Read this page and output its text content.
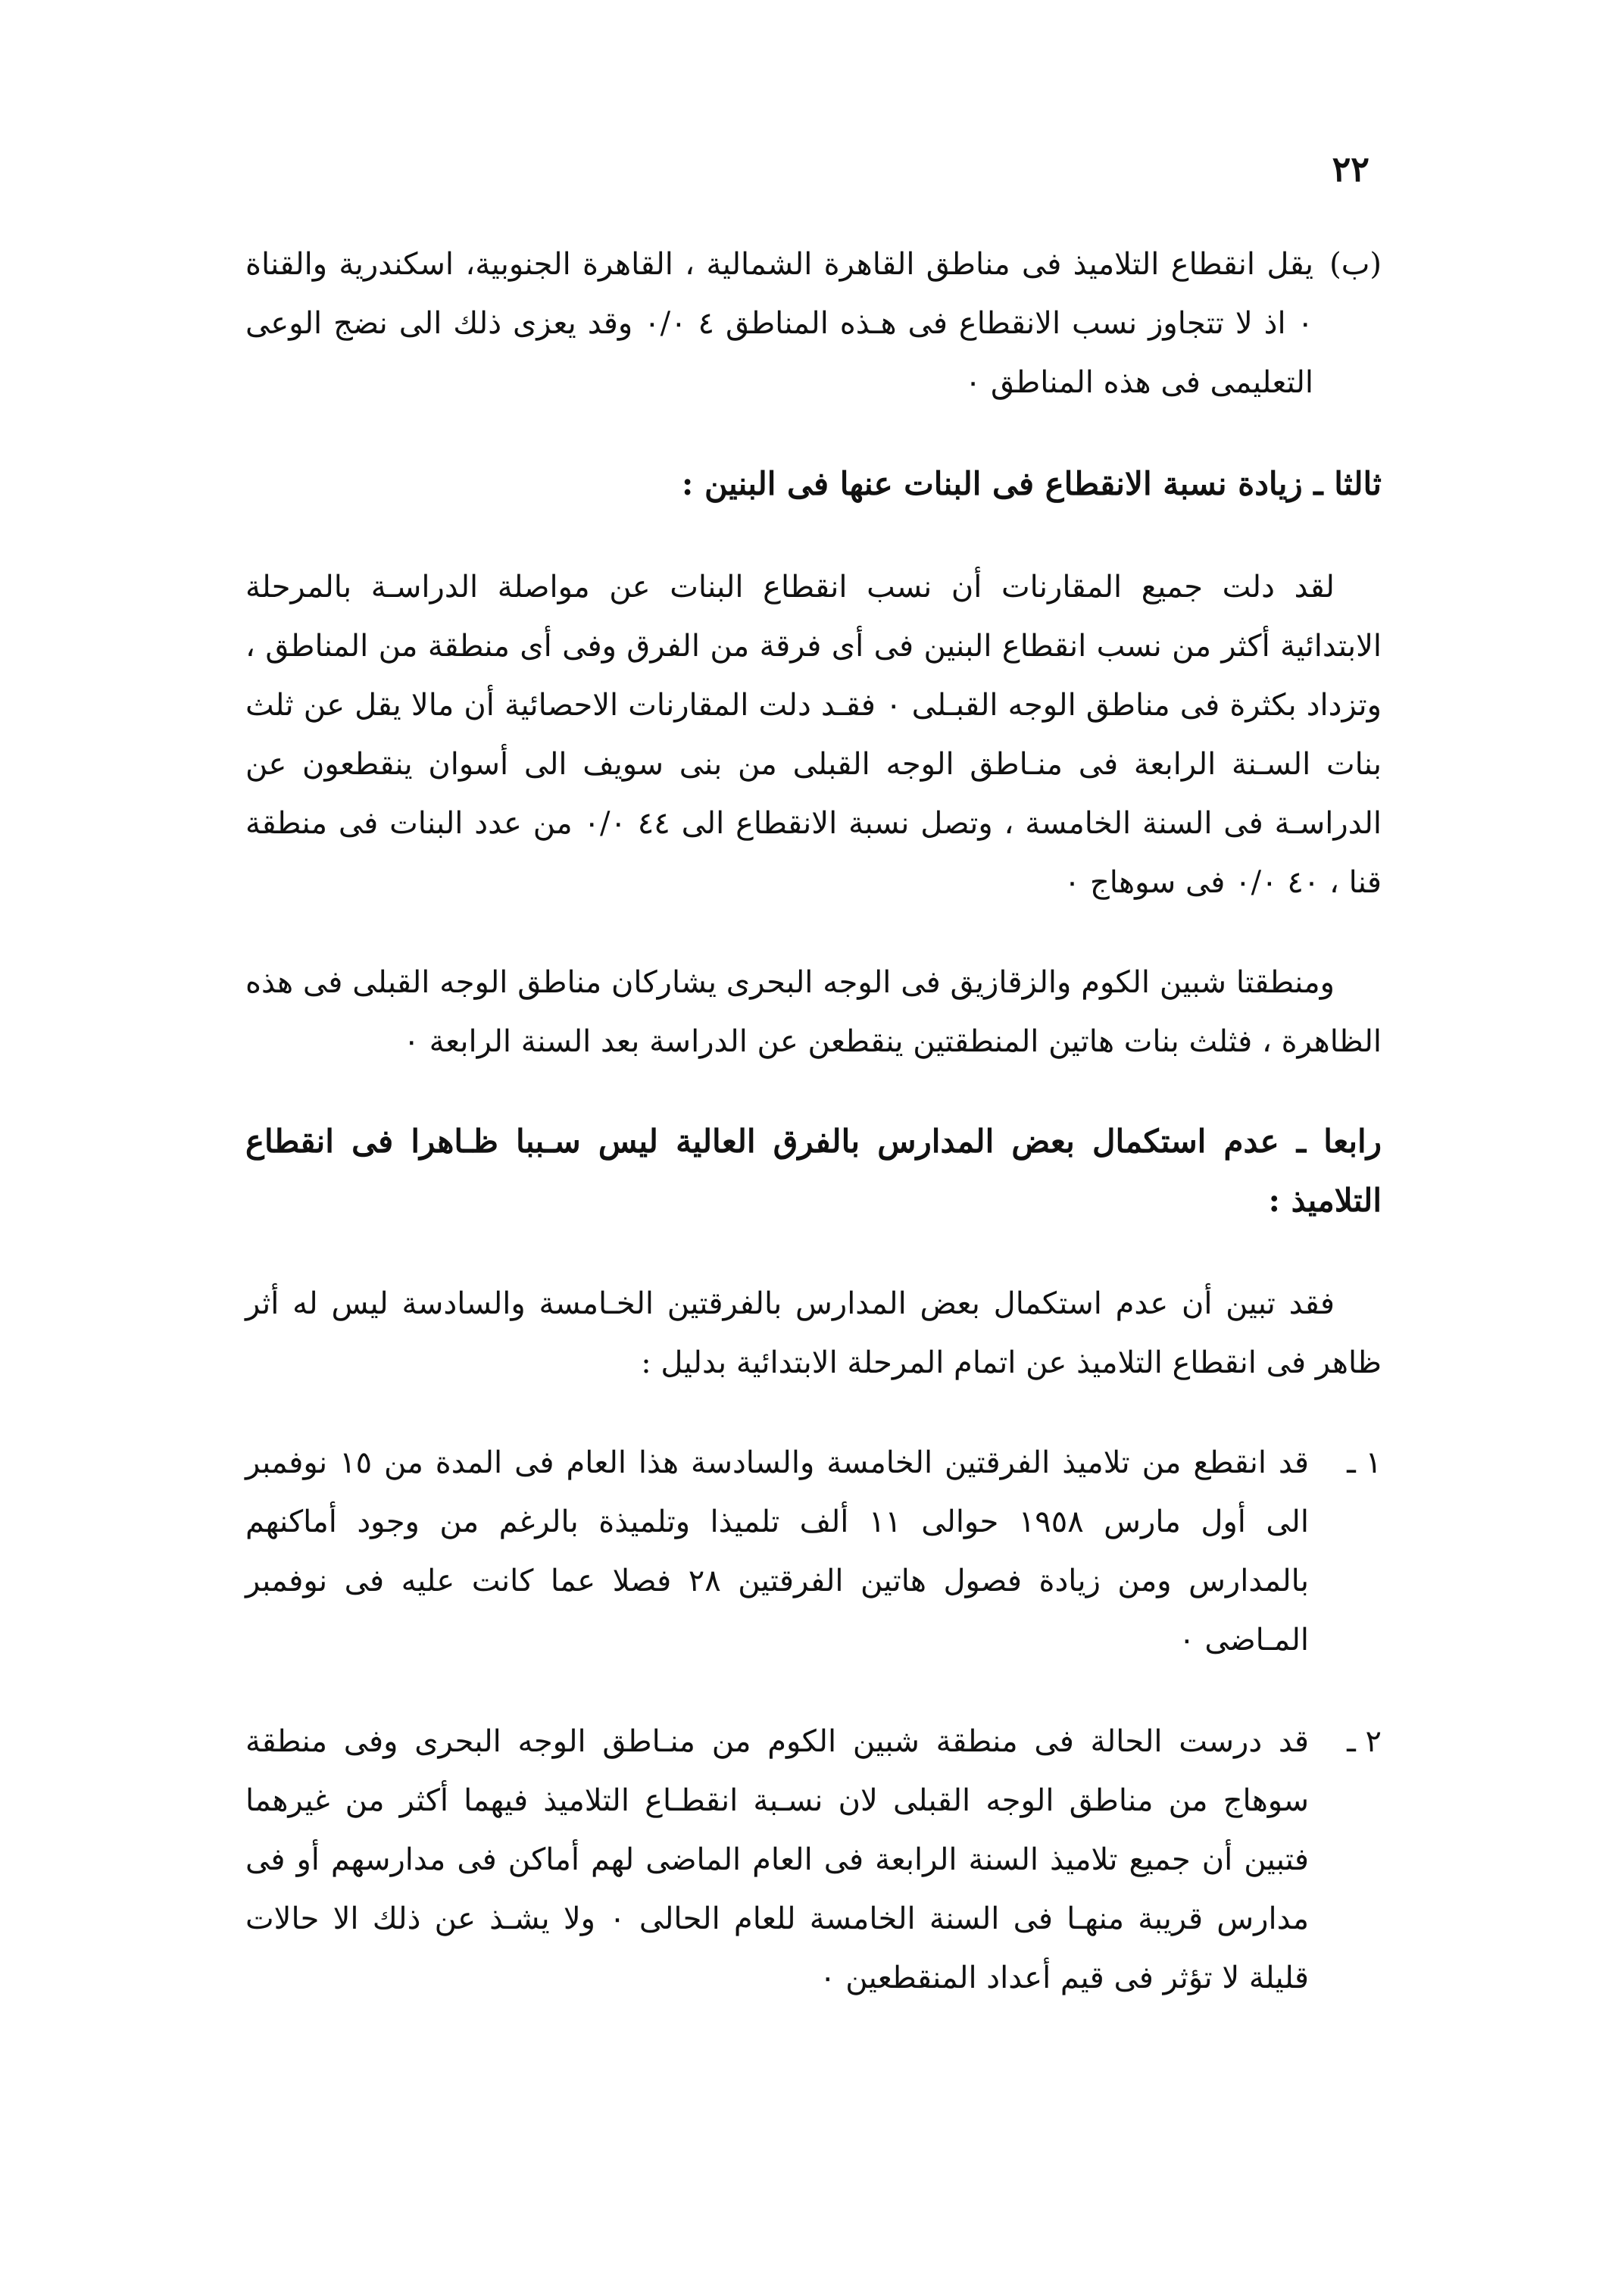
٢٢
(ب)
يقل انقطاع التلاميذ فى مناطق القاهرة الشمالية ، القاهرة الجنوبية، اسكندرية والقناة ٠ اذ لا تتجاوز نسب الانقطاع فى هـذه المناطق ٤ ٠/٠ وقد يعزى ذلك الى نضج الوعى التعليمى فى هذه المناطق ٠
ثالثا ـ زيادة نسبة الانقطاع فى البنات عنها فى البنين :

لقد دلت جميع المقارنات أن نسب انقطاع البنات عن مواصلة الدراسـة بالمرحلة الابتدائية أكثر من نسب انقطاع البنين فى أى فرقة من الفرق وفى أى منطقة من المناطق ، وتزداد بكثرة فى مناطق الوجه القبـلى ٠ فقـد دلت المقارنات الاحصائية أن مالا يقل عن ثلث بنات السـنة الرابعة فى منـاطق الوجه القبلى من بنى سويف الى أسوان ينقطعون عن الدراسـة فى السنة الخامسة ، وتصل نسبة الانقطاع الى ٤٤ ٠/٠ من عدد البنات فى منطقة قنا ، ٤٠ ٠/٠ فى سوهاج ٠

ومنطقتا شبين الكوم والزقازيق فى الوجه البحرى يشاركان مناطق الوجه القبلى فى هذه الظاهرة ، فثلث بنات هاتين المنطقتين ينقطعن عن الدراسة بعد السنة الرابعة ٠

رابعا ـ عدم استكمال بعض المدارس بالفرق العالية ليس سـببا ظـاهرا فى انقطاع التلاميذ :

فقد تبين أن عدم استكمال بعض المدارس بالفرقتين الخـامسة والسادسة ليس له أثر ظاهر فى انقطاع التلاميذ عن اتمام المرحلة الابتدائية بدليل :

١ ـ
قد انقطع من تلاميذ الفرقتين الخامسة والسادسة هذا العام فى المدة من ١٥ نوفمبر الى أول مارس ١٩٥٨ حوالى ١١ ألف تلميذا وتلميذة بالرغم من وجود أماكنهم بالمدارس ومن زيادة فصول هاتين الفرقتين ٢٨ فصلا عما كانت عليه فى نوفمبر المـاضى ٠
٢ ـ
قد درست الحالة فى منطقة شبين الكوم من منـاطق الوجه البحرى وفى منطقة سوهاج من مناطق الوجه القبلى لان نسـبة انقطـاع التلاميذ فيهما أكثر من غيرهما فتبين أن جميع تلاميذ السنة الرابعة فى العام الماضى لهم أماكن فى مدارسهم أو فى مدارس قريبة منهـا فى السنة الخامسة للعام الحالى ٠ ولا يشـذ عن ذلك الا حالات قليلة لا تؤثر فى قيم أعداد المنقطعين ٠
